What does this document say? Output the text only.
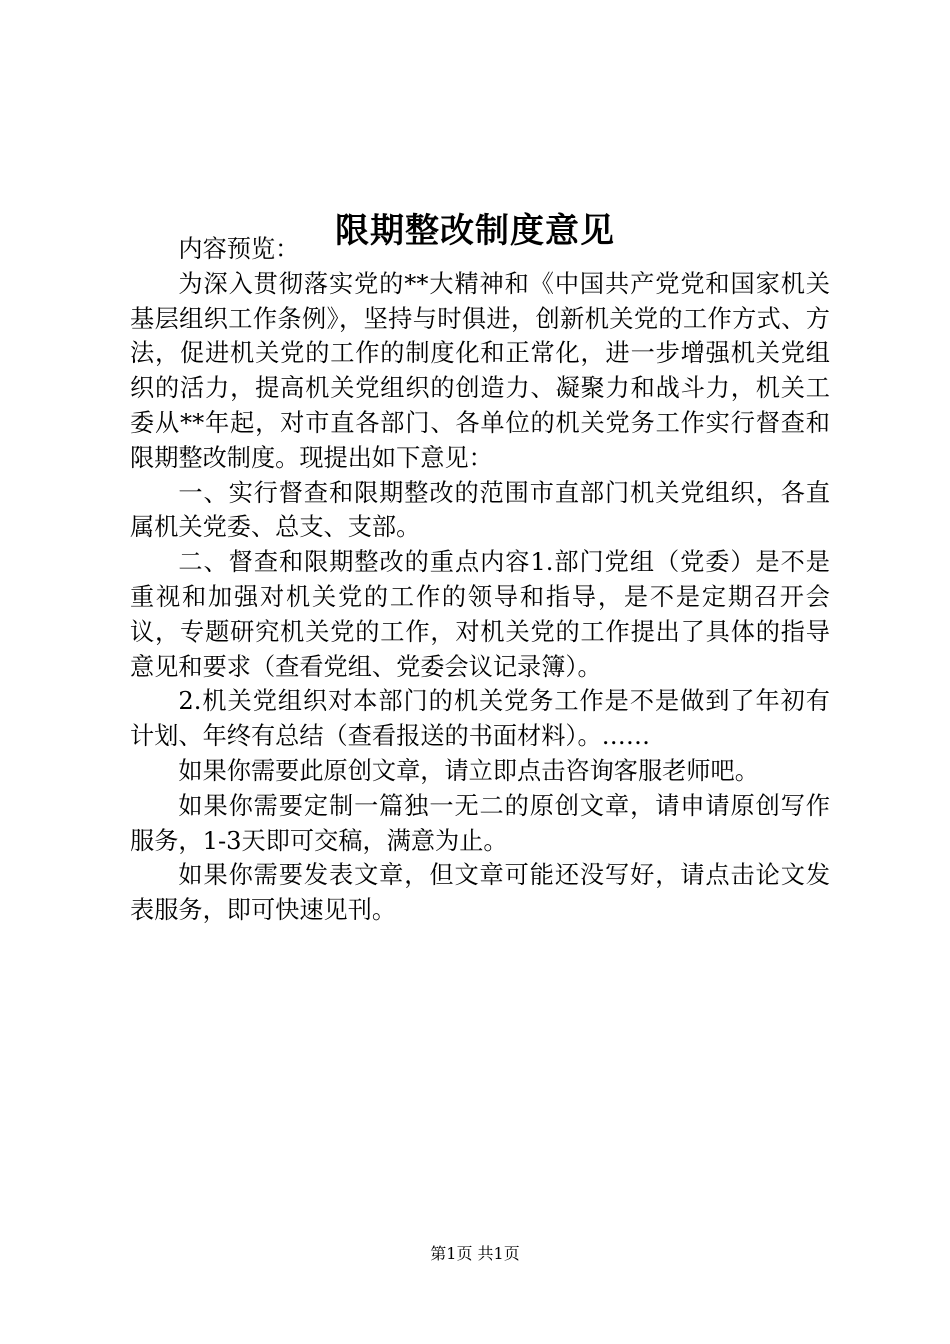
限期整改制度意见

内容预览：

为深入贯彻落实党的**大精神和《中国共产党党和国家机关基层组织工作条例》，坚持与时俱进，创新机关党的工作方式、方法，促进机关党的工作的制度化和正常化，进一步增强机关党组织的活力，提高机关党组织的创造力、凝聚力和战斗力，机关工委从**年起，对市直各部门、各单位的机关党务工作实行督查和限期整改制度。现提出如下意见：

一、实行督查和限期整改的范围市直部门机关党组织，各直属机关党委、总支、支部。

二、督查和限期整改的重点内容1.部门党组（党委）是不是重视和加强对机关党的工作的领导和指导，是不是定期召开会议，专题研究机关党的工作，对机关党的工作提出了具体的指导意见和要求（查看党组、党委会议记录簿）。

2.机关党组织对本部门的机关党务工作是不是做到了年初有计划、年终有总结（查看报送的书面材料）。……

如果你需要此原创文章，请立即点击咨询客服老师吧。

如果你需要定制一篇独一无二的原创文章，请申请原创写作服务，1-3天即可交稿，满意为止。

如果你需要发表文章，但文章可能还没写好，请点击论文发表服务，即可快速见刊。

第1页 共1页
